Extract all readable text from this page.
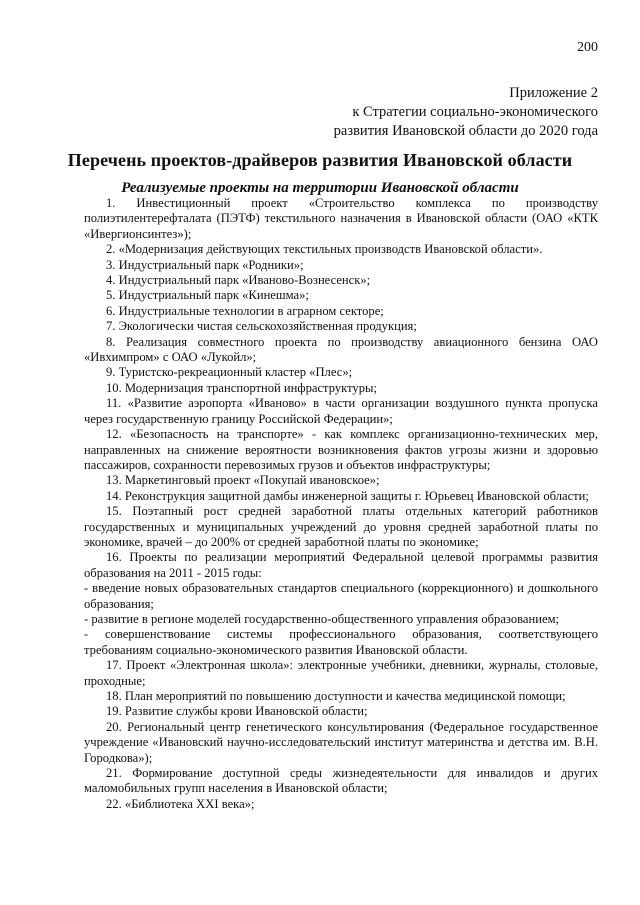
200
Приложение 2
к Стратегии социально-экономического
развития Ивановской области до 2020 года
Перечень проектов-драйверов развития Ивановской области
Реализуемые проекты на территории Ивановской области

1. Инвестиционный проект «Строительство комплекса по производству полиэтилентерефталата (ПЭТФ) текстильного назначения в Ивановской области (ОАО «КТК «Ивергионсинтез»);

2. «Модернизация действующих текстильных производств Ивановской области».

3. Индустриальный парк «Родники»;

4. Индустриальный парк «Иваново-Вознесенск»;

5. Индустриальный парк «Кинешма»;

6. Индустриальные технологии в аграрном секторе;

7. Экологически чистая сельскохозяйственная продукция;

8. Реализация совместного проекта по производству авиационного бензина ОАО «Ивхимпром» с ОАО «Лукойл»;

9. Туристско-рекреационный кластер «Плес»;

10. Модернизация транспортной инфраструктуры;

11. «Развитие аэропорта «Иваново» в части организации воздушного пункта пропуска через государственную границу Российской Федерации»;

12. «Безопасность на транспорте» - как комплекс организационно-технических мер, направленных на снижение вероятности возникновения фактов угрозы жизни и здоровью пассажиров, сохранности перевозимых грузов и объектов инфраструктуры;

13. Маркетинговый проект «Покупай ивановское»;

14. Реконструкция защитной дамбы инженерной защиты г. Юрьевец Ивановской области;

15. Поэтапный рост средней заработной платы отдельных категорий работников государственных и муниципальных учреждений до уровня средней заработной платы по экономике, врачей – до 200% от средней заработной платы по экономике;

16. Проекты по реализации мероприятий Федеральной целевой программы развития образования на 2011 - 2015 годы:

- введение новых образовательных стандартов специального (коррекционного) и дошкольного образования;

- развитие в регионе моделей государственно-общественного управления образованием;

- совершенствование системы профессионального образования, соответствующего требованиям социально-экономического развития Ивановской области.

17. Проект «Электронная школа»: электронные учебники, дневники, журналы, столовые, проходные;

18. План мероприятий по повышению доступности и качества медицинской помощи;

19. Развитие службы крови Ивановской области;

20. Региональный центр генетического консультирования (Федеральное государственное учреждение «Ивановский научно-исследовательский институт материнства и детства им. В.Н. Городкова»);

21. Формирование доступной среды жизнедеятельности для инвалидов и других маломобильных групп населения в Ивановской области;

22. «Библиотека XXI века»;
